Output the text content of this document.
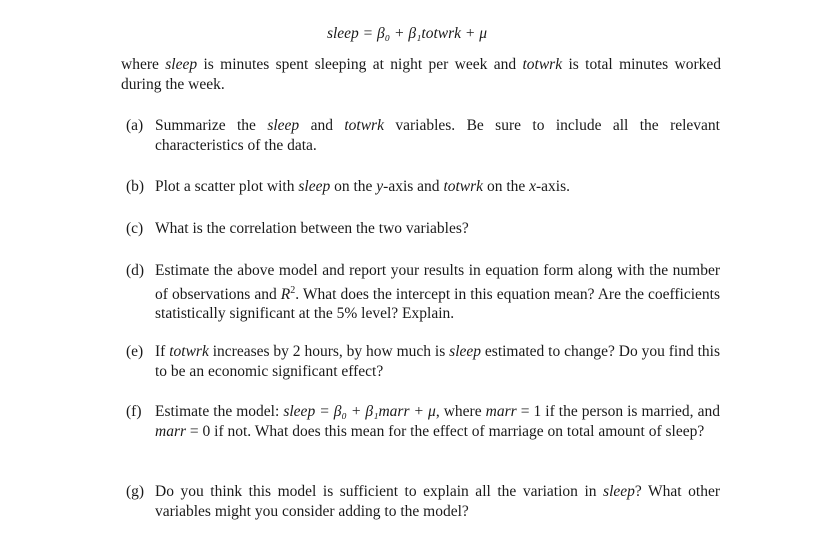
sleep = β₀ + β₁totwrk + μ
where sleep is minutes spent sleeping at night per week and totwrk is total minutes worked during the week.
(a) Summarize the sleep and totwrk variables. Be sure to include all the relevant characteristics of the data.
(b) Plot a scatter plot with sleep on the y-axis and totwrk on the x-axis.
(c) What is the correlation between the two variables?
(d) Estimate the above model and report your results in equation form along with the number of observations and $R^2$. What does the intercept in this equation mean? Are the coefficients statistically significant at the 5% level? Explain.
(e) If totwrk increases by 2 hours, by how much is sleep estimated to change? Do you find this to be an economic significant effect?
(f) Estimate the model: sleep = β₀ + β₁marr + μ, where marr = 1 if the person is married, and marr = 0 if not. What does this mean for the effect of marriage on total amount of sleep?
(g) Do you think this model is sufficient to explain all the variation in sleep? What other variables might you consider adding to the model?
